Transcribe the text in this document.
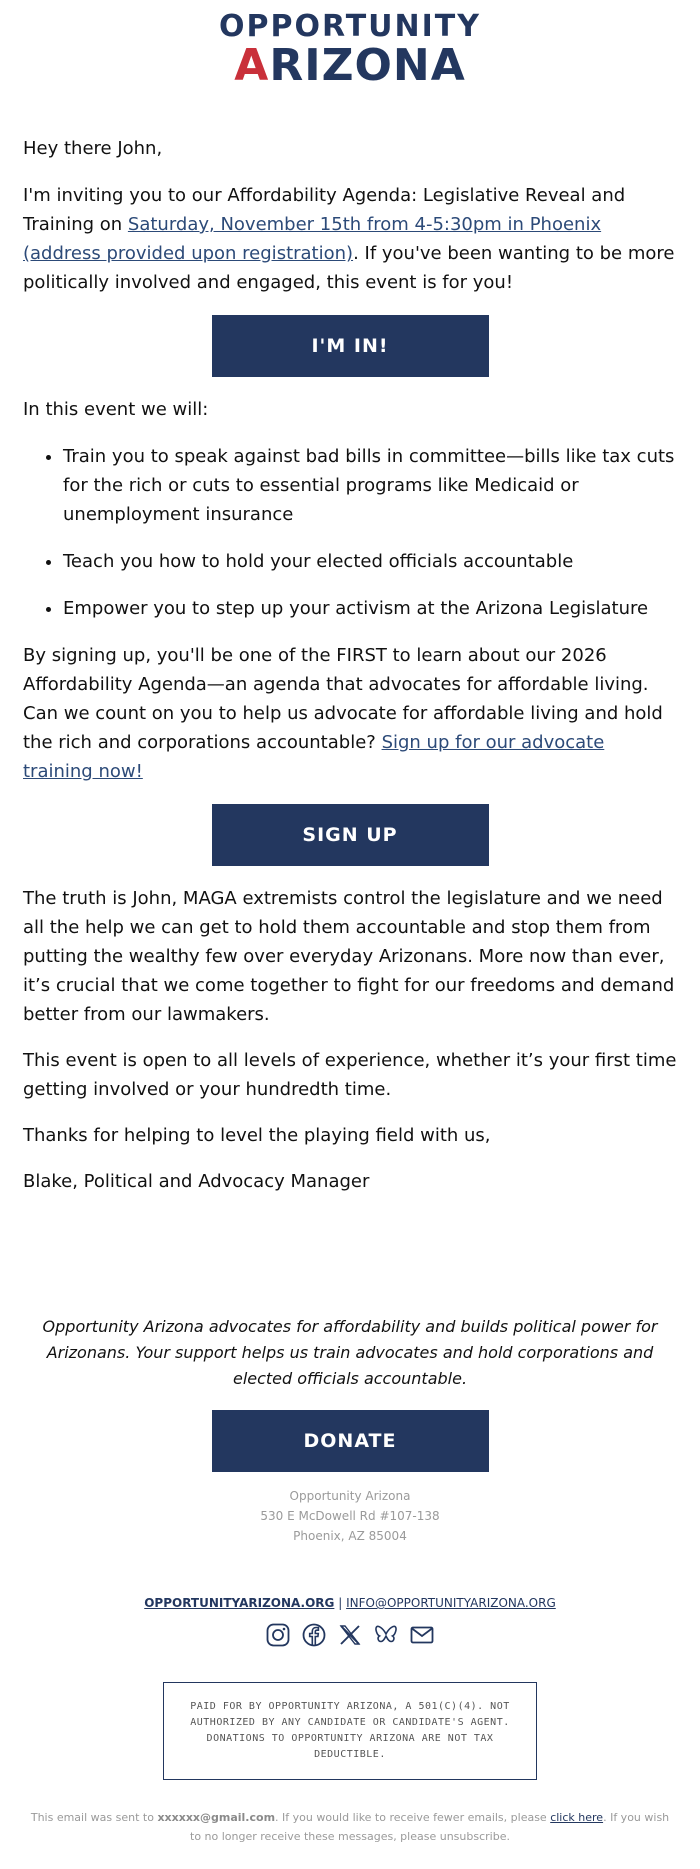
OPPORTUNITY
ARIZONA

Hey there John,

I'm inviting you to our Affordability Agenda: Legislative Reveal and Training on Saturday, November 15th from 4-5:30pm in Phoenix (address provided upon registration). If you've been wanting to be more politically involved and engaged, this event is for you!

I'M IN!

In this event we will:

• Train you to speak against bad bills in committee—bills like tax cuts for the rich or cuts to essential programs like Medicaid or unemployment insurance
• Teach you how to hold your elected officials accountable
• Empower you to step up your activism at the Arizona Legislature

By signing up, you'll be one of the FIRST to learn about our 2026 Affordability Agenda—an agenda that advocates for affordable living. Can we count on you to help us advocate for affordable living and hold the rich and corporations accountable? Sign up for our advocate training now!

SIGN UP

The truth is John, MAGA extremists control the legislature and we need all the help we can get to hold them accountable and stop them from putting the wealthy few over everyday Arizonans. More now than ever, it’s crucial that we come together to fight for our freedoms and demand better from our lawmakers.

This event is open to all levels of experience, whether it’s your first time getting involved or your hundredth time.

Thanks for helping to level the playing field with us,

Blake, Political and Advocacy Manager

Opportunity Arizona advocates for affordability and builds political power for Arizonans. Your support helps us train advocates and hold corporations and elected officials accountable.
DONATE
Opportunity Arizona
530 E McDowell Rd #107-138
Phoenix, AZ 85004
OPPORTUNITYARIZONA.ORG | INFO@OPPORTUNITYARIZONA.ORG
PAID FOR BY OPPORTUNITY ARIZONA, A 501(C)(4). NOT AUTHORIZED BY ANY CANDIDATE OR CANDIDATE'S AGENT. DONATIONS TO OPPORTUNITY ARIZONA ARE NOT TAX DEDUCTIBLE.
This email was sent to xxxxxx@gmail.com. If you would like to receive fewer emails, please click here. If you wish to no longer receive these messages, please unsubscribe.
